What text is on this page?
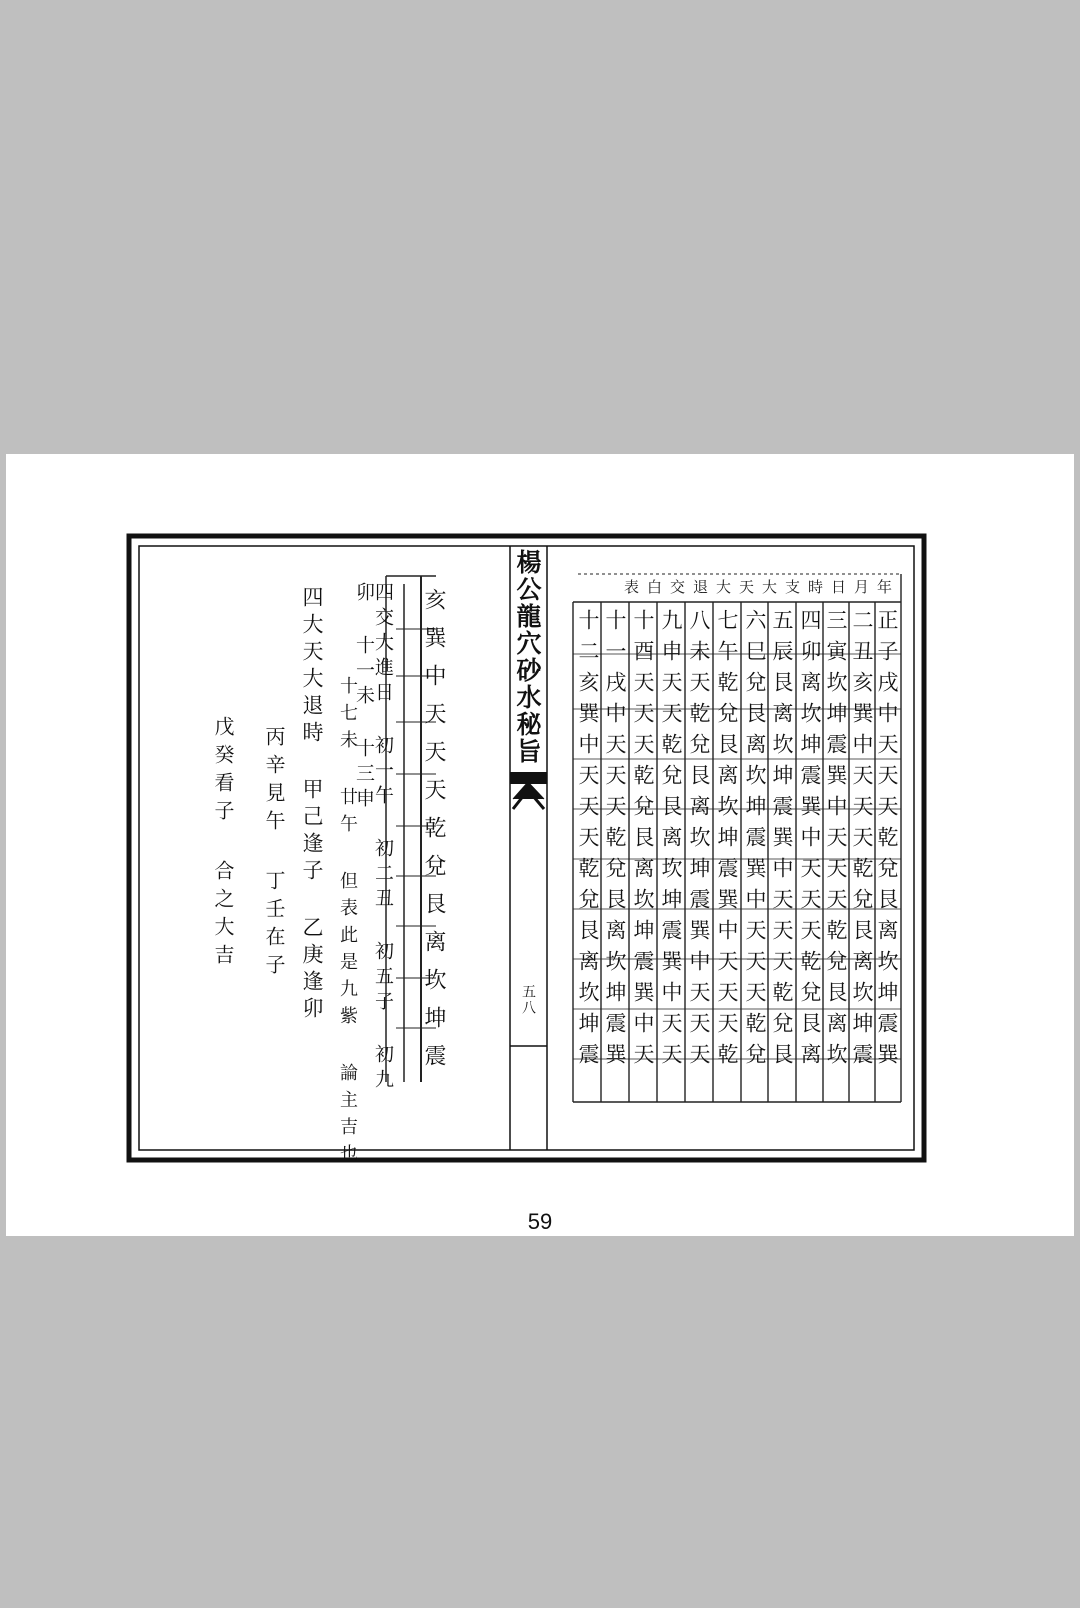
楊公龍穴砂水秘旨
五八
亥巽中天天天乾兌艮离坎坤震
四交大進日 初一午 初二丑 初五子 初九卯 十一未 十三申
十七未 廿午 但表此是九紫 論主吉也
四大天大退時 甲己逢子 乙庚逢卯
丙辛見午 丁壬在子
戊癸看子 合之大吉
年月日時支大天大退交白表
正子戌中天天天乾兌艮离坎坤震巽
二丑亥巽中天天天乾兌艮离坎坤震
三寅坎坤震巽中天天天乾兌艮离坎
四卯离坎坤震巽中天天天乾兌艮离
五辰艮离坎坤震巽中天天天乾兌艮
六巳兌艮离坎坤震巽中天天天乾兌
七午乾兌艮离坎坤震巽中天天天乾
八未天乾兌艮离坎坤震巽中天天天
九申天天乾兌艮离坎坤震巽中天天
十酉天天天乾兌艮离坎坤震巽中天
十一戌中天天天乾兌艮离坎坤震巽
十二亥巽中天天天乾兌艮离坎坤震
59
